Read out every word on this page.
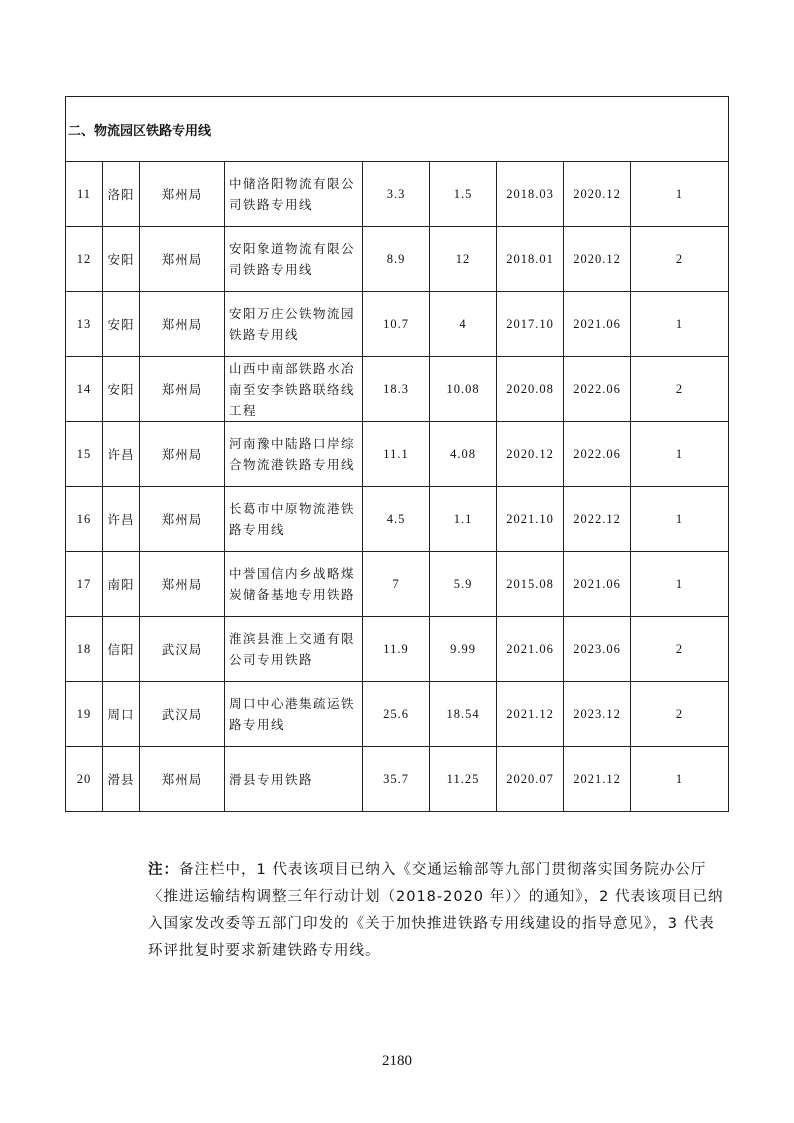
二、物流园区铁路专用线								
11	洛阳	郑州局	中储洛阳物流有限公司铁路专用线	3.3	1.5	2018.03	2020.12	1
12	安阳	郑州局	安阳象道物流有限公司铁路专用线	8.9	12	2018.01	2020.12	2
13	安阳	郑州局	安阳万庄公铁物流园铁路专用线	10.7	4	2017.10	2021.06	1
14	安阳	郑州局	山西中南部铁路水冶南至安李铁路联络线工程	18.3	10.08	2020.08	2022.06	2
15	许昌	郑州局	河南豫中陆路口岸综合物流港铁路专用线	11.1	4.08	2020.12	2022.06	1
16	许昌	郑州局	长葛市中原物流港铁路专用线	4.5	1.1	2021.10	2022.12	1
17	南阳	郑州局	中誉国信内乡战略煤炭储备基地专用铁路	7	5.9	2015.08	2021.06	1
18	信阳	武汉局	淮滨县淮上交通有限公司专用铁路	11.9	9.99	2021.06	2023.06	2
19	周口	武汉局	周口中心港集疏运铁路专用线	25.6	18.54	2021.12	2023.12	2
20	滑县	郑州局	滑县专用铁路	35.7	11.25	2020.07	2021.12	1
注：备注栏中，1 代表该项目已纳入《交通运输部等九部门贯彻落实国务院办公厅〈推进运输结构调整三年行动计划（2018-2020 年）〉的通知》，2 代表该项目已纳入国家发改委等五部门印发的《关于加快推进铁路专用线建设的指导意见》，3 代表环评批复时要求新建铁路专用线。
2180
